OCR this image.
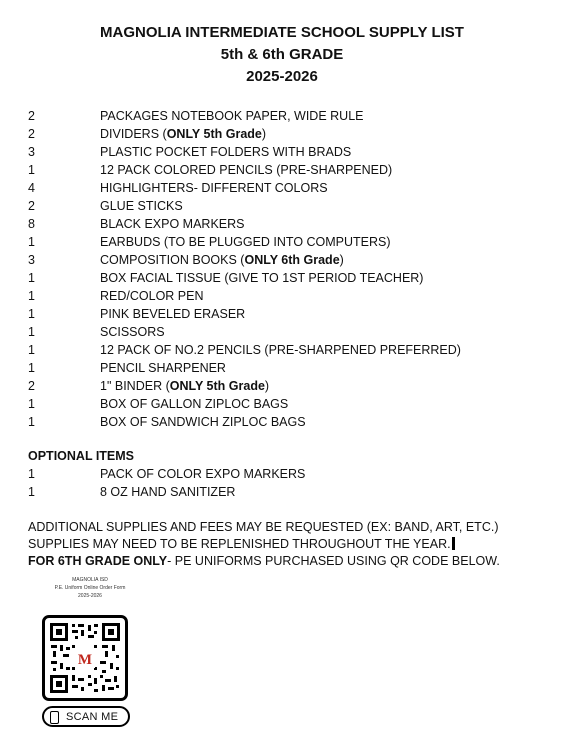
MAGNOLIA INTERMEDIATE SCHOOL SUPPLY LIST
5th & 6th GRADE
2025-2026
2	PACKAGES NOTEBOOK PAPER, WIDE RULE
2	DIVIDERS (ONLY 5th Grade)
3	PLASTIC POCKET FOLDERS WITH BRADS
1	12 PACK COLORED PENCILS (PRE-SHARPENED)
4	HIGHLIGHTERS- DIFFERENT COLORS
2	GLUE STICKS
8	BLACK EXPO MARKERS
1	EARBUDS (TO BE PLUGGED INTO COMPUTERS)
3	COMPOSITION BOOKS (ONLY 6th Grade)
1	BOX FACIAL TISSUE (GIVE TO 1ST PERIOD TEACHER)
1	RED/COLOR PEN
1	PINK BEVELED ERASER
1	SCISSORS
1	12 PACK OF NO.2 PENCILS (PRE-SHARPENED PREFERRED)
1	PENCIL SHARPENER
2	1" BINDER (ONLY 5th Grade)
1	BOX OF GALLON ZIPLOC BAGS
1	BOX OF SANDWICH ZIPLOC BAGS
OPTIONAL ITEMS
1	PACK OF COLOR EXPO MARKERS
1	8 OZ HAND SANITIZER
ADDITIONAL SUPPLIES AND FEES MAY BE REQUESTED (EX: BAND, ART, ETC.) SUPPLIES MAY NEED TO BE REPLENISHED THROUGHOUT THE YEAR.
FOR 6TH GRADE ONLY- PE UNIFORMS PURCHASED USING QR CODE BELOW.
MAGNOLIA ISD
P.E. Uniform Online Order Form
2025-2026
M
SCAN ME
